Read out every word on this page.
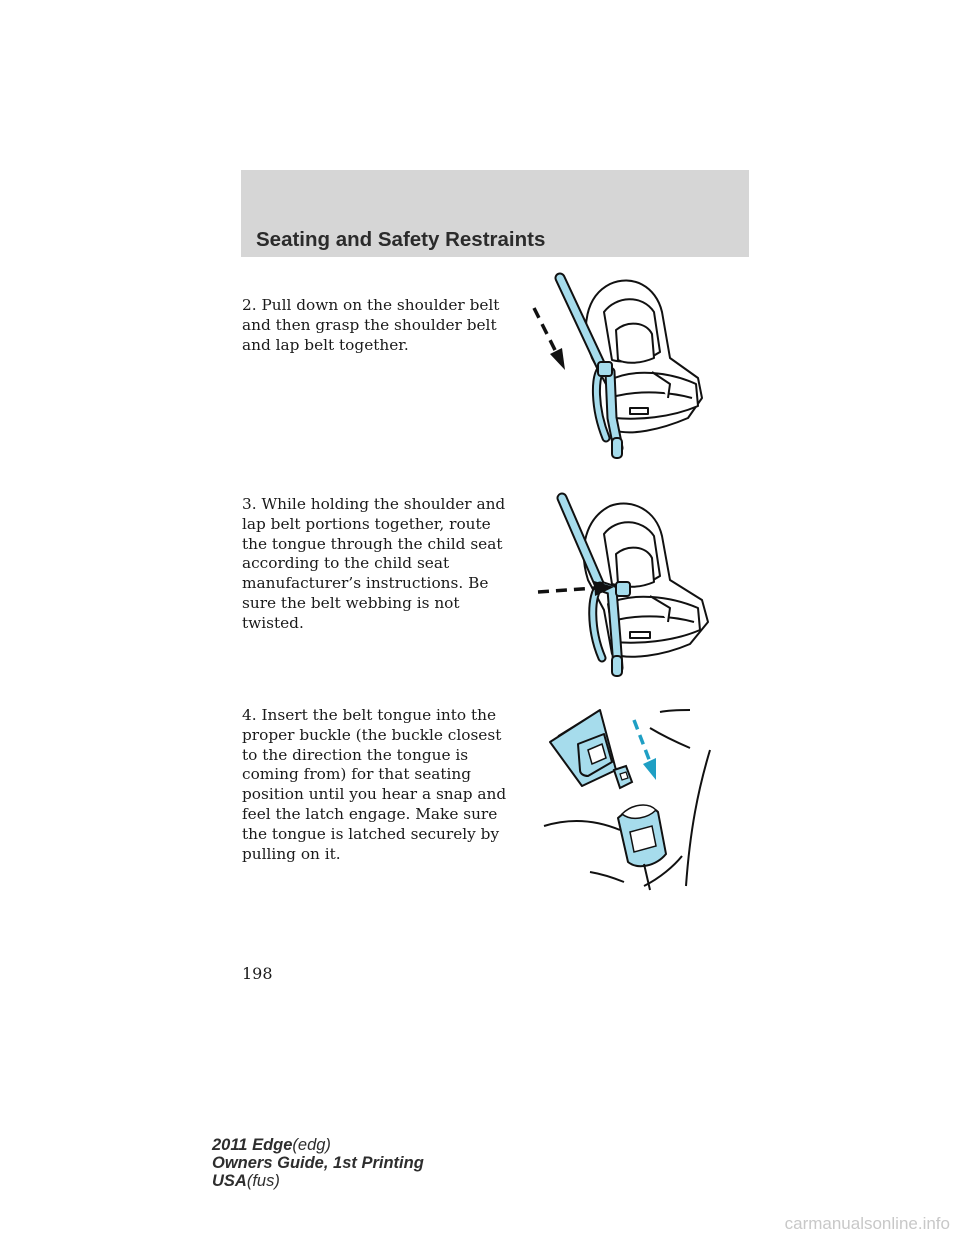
Seating and Safety Restraints

2. Pull down on the shoulder belt and then grasp the shoulder belt and lap belt together.

3. While holding the shoulder and lap belt portions together, route the tongue through the child seat according to the child seat manufacturer’s instructions. Be sure the belt webbing is not twisted.

4. Insert the belt tongue into the proper buckle (the buckle closest to the direction the tongue is coming from) for that seating position until you hear a snap and feel the latch engage. Make sure the tongue is latched securely by pulling on it.

198
2011 Edge(edg)
Owners Guide, 1st Printing
USA(fus)
carmanualsonline.info
